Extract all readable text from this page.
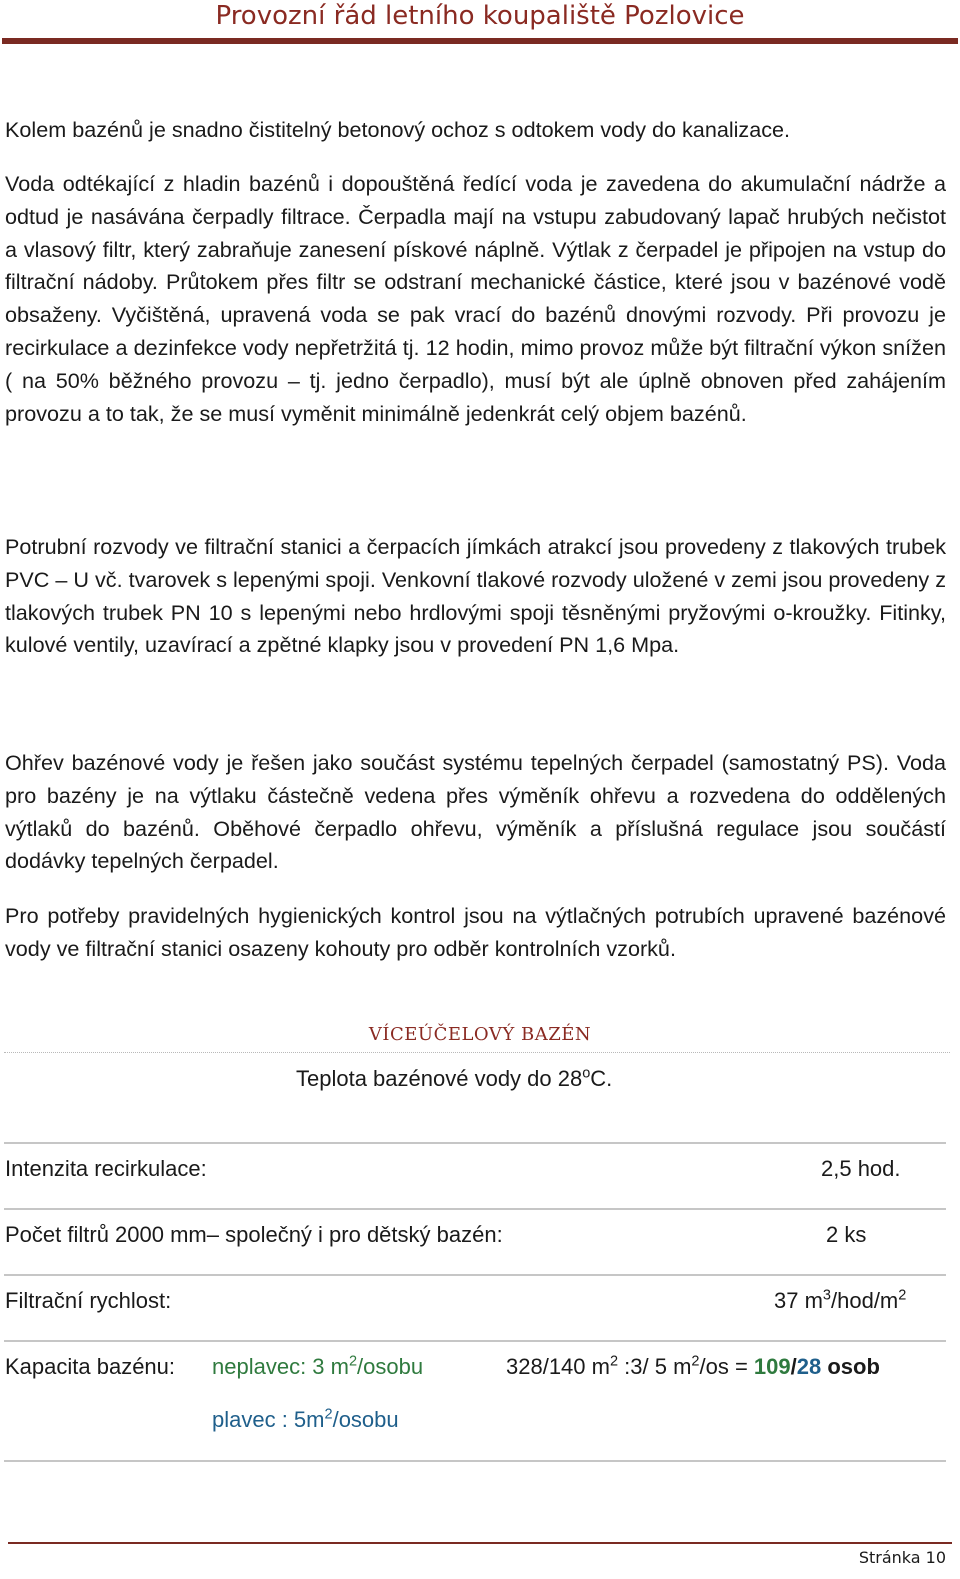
Provozní řád letního koupaliště Pozlovice

Kolem bazénů je snadno čistitelný betonový ochoz s odtokem vody do kanalizace.

Voda odtékající z hladin bazénů i dopouštěná ředící voda je zavedena do akumulační nádrže a odtud je nasávána čerpadly filtrace. Čerpadla mají na vstupu zabudovaný lapač hrubých nečistot a vlasový filtr, který zabraňuje zanesení pískové náplně. Výtlak z čerpadel je připojen na vstup do filtrační nádoby. Průtokem přes filtr se odstraní mechanické částice, které jsou v bazénové vodě obsaženy. Vyčištěná, upravená voda se pak vrací do bazénů dnovými rozvody. Při provozu je recirkulace a dezinfekce vody nepřetržitá tj. 12 hodin, mimo provoz může být filtrační výkon snížen ( na 50% běžného provozu – tj. jedno čerpadlo), musí být ale úplně obnoven před zahájením provozu a to tak, že se musí vyměnit minimálně jedenkrát celý objem bazénů.

Potrubní rozvody ve filtrační stanici a čerpacích jímkách atrakcí jsou provedeny z tlakových trubek PVC – U vč. tvarovek s lepenými spoji. Venkovní tlakové rozvody uložené v zemi jsou provedeny z tlakových trubek PN 10 s lepenými nebo hrdlovými spoji těsněnými pryžovými o-kroužky. Fitinky, kulové ventily, uzavírací a zpětné klapky jsou v provedení PN 1,6 Mpa.

Ohřev bazénové vody je řešen jako součást systému tepelných čerpadel (samostatný PS). Voda pro bazény je na výtlaku částečně vedena přes výměník ohřevu a rozvedena do oddělených výtlaků do bazénů. Oběhové čerpadlo ohřevu, výměník a příslušná regulace jsou součástí dodávky tepelných čerpadel.

Pro potřeby pravidelných hygienických kontrol jsou na výtlačných potrubích upravené bazénové vody ve filtrační stanici osazeny kohouty pro odběr kontrolních vzorků.

VÍCEÚČELOVÝ BAZÉN
Teplota bazénové vody do 28$^o$C.
Intenzita recirkulace:	2,5 hod.
Počet filtrů 2000 mm– společný i pro dětský bazén:	2 ks
Filtrační rychlost:	37 $m^3/hod/m^2$
Kapacita bazénu: neplavec: 3 $m^2$/osobu	328/140 $m^2$ :3/ 5 $m^2/os = 109/28$ osob
plavec : $5m^2$/osobu
Stránka 10
